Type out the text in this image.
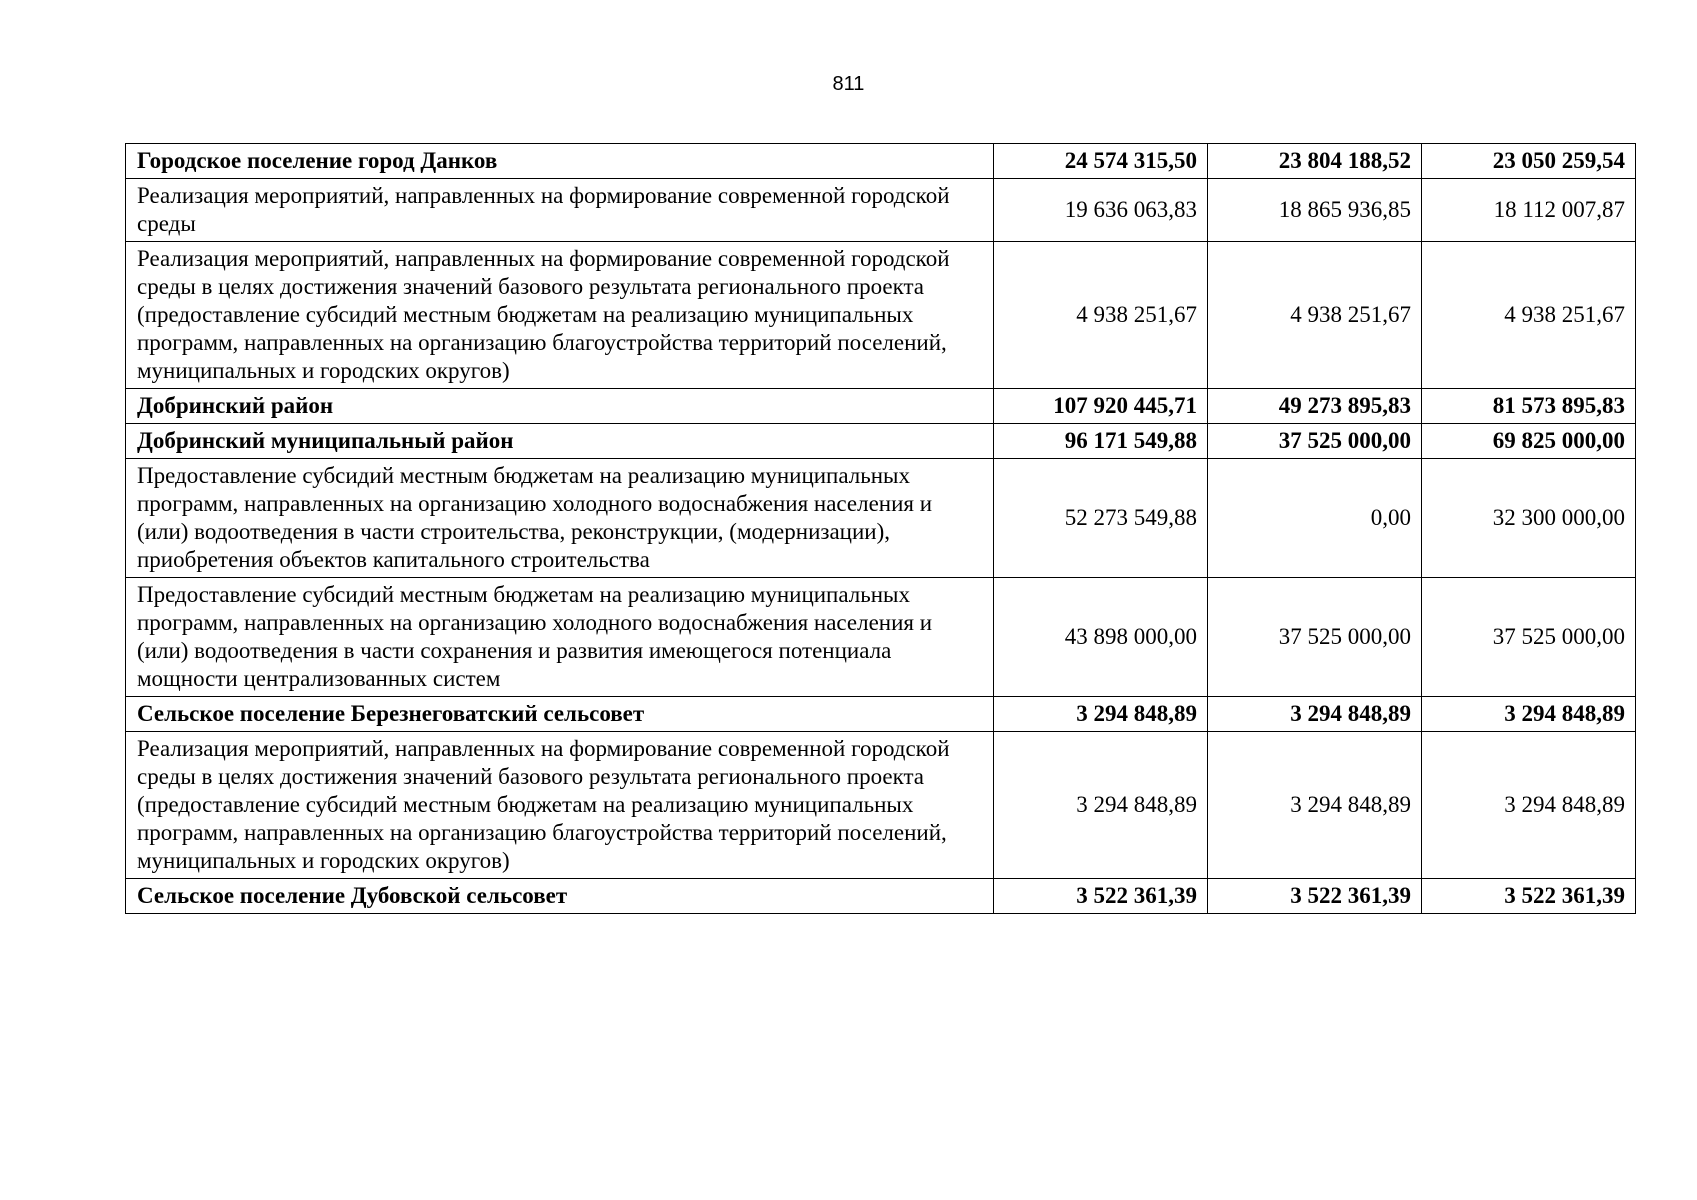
811
Городское поселение город Данков	24 574 315,50	23 804 188,52	23 050 259,54
Реализация мероприятий, направленных на формирование современной городской среды	19 636 063,83	18 865 936,85	18 112 007,87
Реализация мероприятий, направленных на формирование современной городской среды в целях достижения значений базового результата регионального проекта (предоставление субсидий местным бюджетам на реализацию муниципальных программ, направленных на организацию благоустройства территорий поселений, муниципальных и городских округов)	4 938 251,67	4 938 251,67	4 938 251,67
Добринский район	107 920 445,71	49 273 895,83	81 573 895,83
Добринский муниципальный район	96 171 549,88	37 525 000,00	69 825 000,00
Предоставление субсидий местным бюджетам на реализацию муниципальных программ, направленных на организацию холодного водоснабжения населения и (или) водоотведения в части строительства, реконструкции, (модернизации), приобретения объектов капитального строительства	52 273 549,88	0,00	32 300 000,00
Предоставление субсидий местным бюджетам на реализацию муниципальных программ, направленных на организацию холодного водоснабжения населения и (или) водоотведения в части сохранения и развития имеющегося потенциала мощности централизованных систем	43 898 000,00	37 525 000,00	37 525 000,00
Сельское поселение Березнеговатский сельсовет	3 294 848,89	3 294 848,89	3 294 848,89
Реализация мероприятий, направленных на формирование современной городской среды в целях достижения значений базового результата регионального проекта (предоставление субсидий местным бюджетам на реализацию муниципальных программ, направленных на организацию благоустройства территорий поселений, муниципальных и городских округов)	3 294 848,89	3 294 848,89	3 294 848,89
Сельское поселение Дубовской сельсовет	3 522 361,39	3 522 361,39	3 522 361,39
